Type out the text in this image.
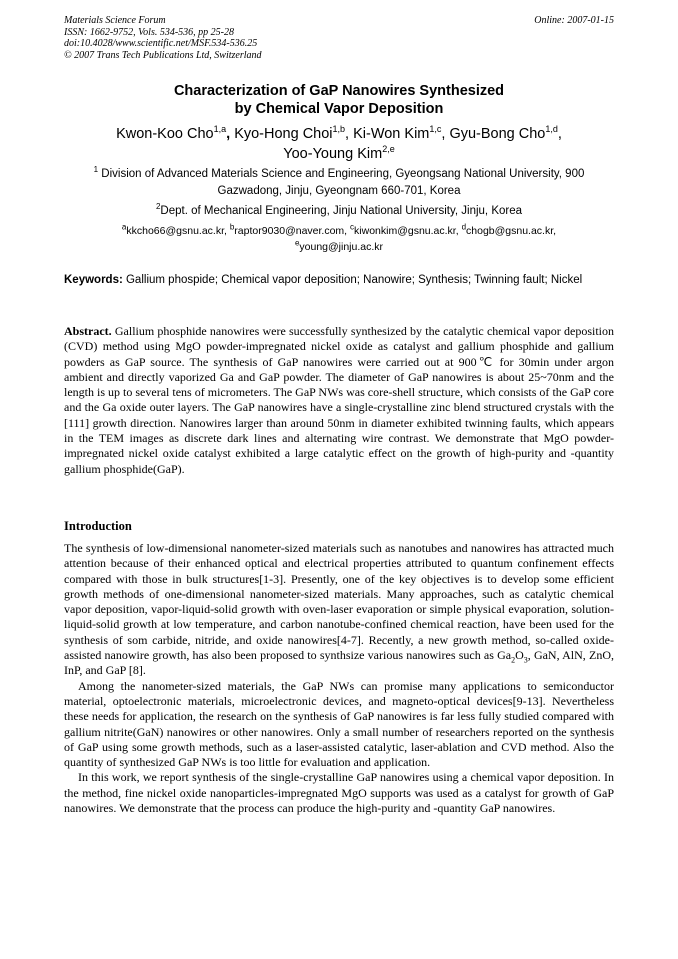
Materials Science Forum
ISSN: 1662-9752, Vols. 534-536, pp 25-28
doi:10.4028/www.scientific.net/MSF.534-536.25
© 2007 Trans Tech Publications Ltd, Switzerland
Online: 2007-01-15
Characterization of GaP Nanowires Synthesized
by Chemical Vapor Deposition
Kwon-Koo Cho$^{1,a}$, Kyo-Hong Choi$^{1,b}$, Ki-Won Kim$^{1,c}$, Gyu-Bong Cho$^{1,d}$,
Yoo-Young Kim$^{2,e}$
$^1$ Division of Advanced Materials Science and Engineering, Gyeongsang National University, 900 Gazwadong, Jinju, Gyeongnam 660-701, Korea
$^2$Dept. of Mechanical Engineering, Jinju National University, Jinju, Korea
$^a$kkcho66@gsnu.ac.kr, $^b$raptor9030@naver.com, $^c$kiwonkim@gsnu.ac.kr, $^d$chogb@gsnu.ac.kr,
$^e$young@jinju.ac.kr
Keywords: Gallium phospide; Chemical vapor deposition; Nanowire; Synthesis; Twinning fault; Nickel
Abstract. Gallium phosphide nanowires were successfully synthesized by the catalytic chemical vapor deposition (CVD) method using MgO powder-impregnated nickel oxide as catalyst and gallium phosphide and gallium powders as GaP source. The synthesis of GaP nanowires were carried out at 900℃ for 30min under argon ambient and directly vaporized Ga and GaP powder. The diameter of GaP nanowires is about 25~70nm and the length is up to several tens of micrometers. The GaP NWs was core-shell structure, which consists of the GaP core and the Ga oxide outer layers. The GaP nanowires have a single-crystalline zinc blend structured crystals with the [111] growth direction. Nanowires larger than around 50nm in diameter exhibited twinning faults, which appears in the TEM images as discrete dark lines and alternating wire contrast. We demonstrate that MgO powder-impregnated nickel oxide catalyst exhibited a large catalytic effect on the growth of high-purity and -quantity gallium phosphide(GaP).
Introduction

The synthesis of low-dimensional nanometer-sized materials such as nanotubes and nanowires has attracted much attention because of their enhanced optical and electrical properties attributed to quantum confinement effects compared with those in bulk structures[1-3]. Presently, one of the key objectives is to develop some efficient growth methods of one-dimensional nanometer-sized materials. Many approaches, such as catalytic chemical vapor deposition, vapor-liquid-solid growth with oven-laser evaporation or simple physical evaporation, solution-liquid-solid growth at low temperature, and carbon nanotube-confined chemical reaction, have been used for the synthesis of som carbide, nitride, and oxide nanowires[4-7]. Recently, a new growth method, so-called oxide-assisted nanowire growth, has also been proposed to synthsize various nanowires such as $Ga_2O_3$, GaN, AlN, ZnO, InP, and GaP [8].

Among the nanometer-sized materials, the GaP NWs can promise many applications to semiconductor material, optoelectronic materials, microelectronic devices, and magneto-optical devices[9-13]. Nevertheless these needs for application, the research on the synthesis of GaP nanowires is far less fully studied compared with gallium nitrite(GaN) nanowires or other nanowires. Only a small number of researchers reported on the synthesis of GaP using some growth methods, such as a laser-assisted catalytic, laser-ablation and CVD method. Also the quantity of synthesized GaP NWs is too little for evaluation and application.

In this work, we report synthesis of the single-crystalline GaP nanowires using a chemical vapor deposition. In the method, fine nickel oxide nanoparticles-impregnated MgO supports was used as a catalyst for growth of GaP nanowires. We demonstrate that the process can produce the high-purity and -quantity GaP nanowires.
